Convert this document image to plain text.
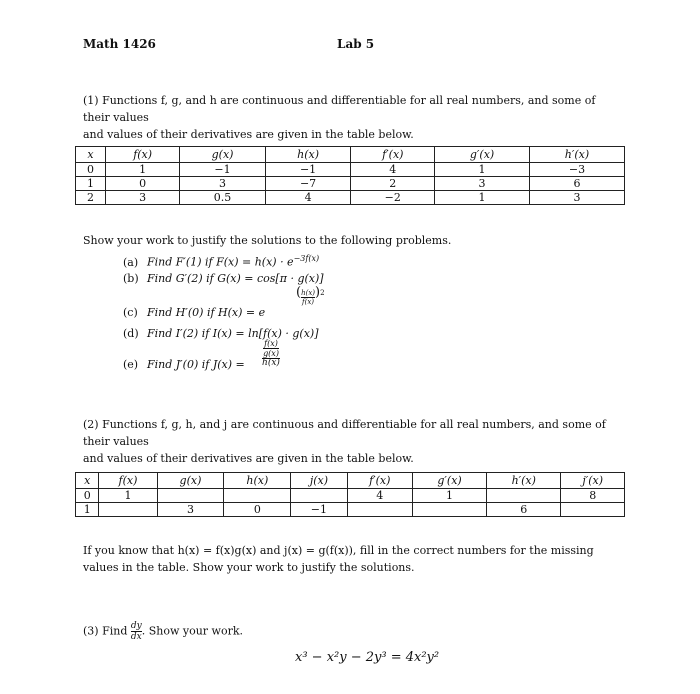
Math 1426	Lab 5
(1) Functions f, g, and h are continuous and differentiable for all real numbers, and some of their values
and values of their derivatives are given in the table below.
x	f(x)	g(x)	h(x)	f′(x)	g′(x)	h′(x)
0	1	−1	−1	4	1	−3
1	0	3	−7	2	3	6
2	3	0.5	4	−2	1	3
Show your work to justify the solutions to the following problems.
(a) Find F′(1) if $F(x) = h(x) \cdot e^{-3f(x)}$
(b) Find G′(2) if G(x) = cos[π · g(x)]
(c) Find H′(0) if H(x) = e
( $\frac{h(x)}{f(x)} )^2$
(d) Find I′(2) if I(x) = ln[f(x) · g(x)]
(e) Find J′(0) if J(x) =
$\frac{f(x)}{g(x)}$
h(x)
(2) Functions f, g, h, and j are continuous and differentiable for all real numbers, and some of their values
and values of their derivatives are given in the table below.
x	f(x)	g(x)	h(x)	j(x)	f′(x)	g′(x)	h′(x)	j′(x)
0	1				4	1		8
1		3	0	−1			6	
If you know that h(x) = f(x)g(x) and j(x) = g(f(x)), fill in the correct numbers for the missing
values in the table. Show your work to justify the solutions.
(3) Find $\frac{dy}{dx}$ . Show your work.
x³ − x²y − 2y³ = 4x²y²
